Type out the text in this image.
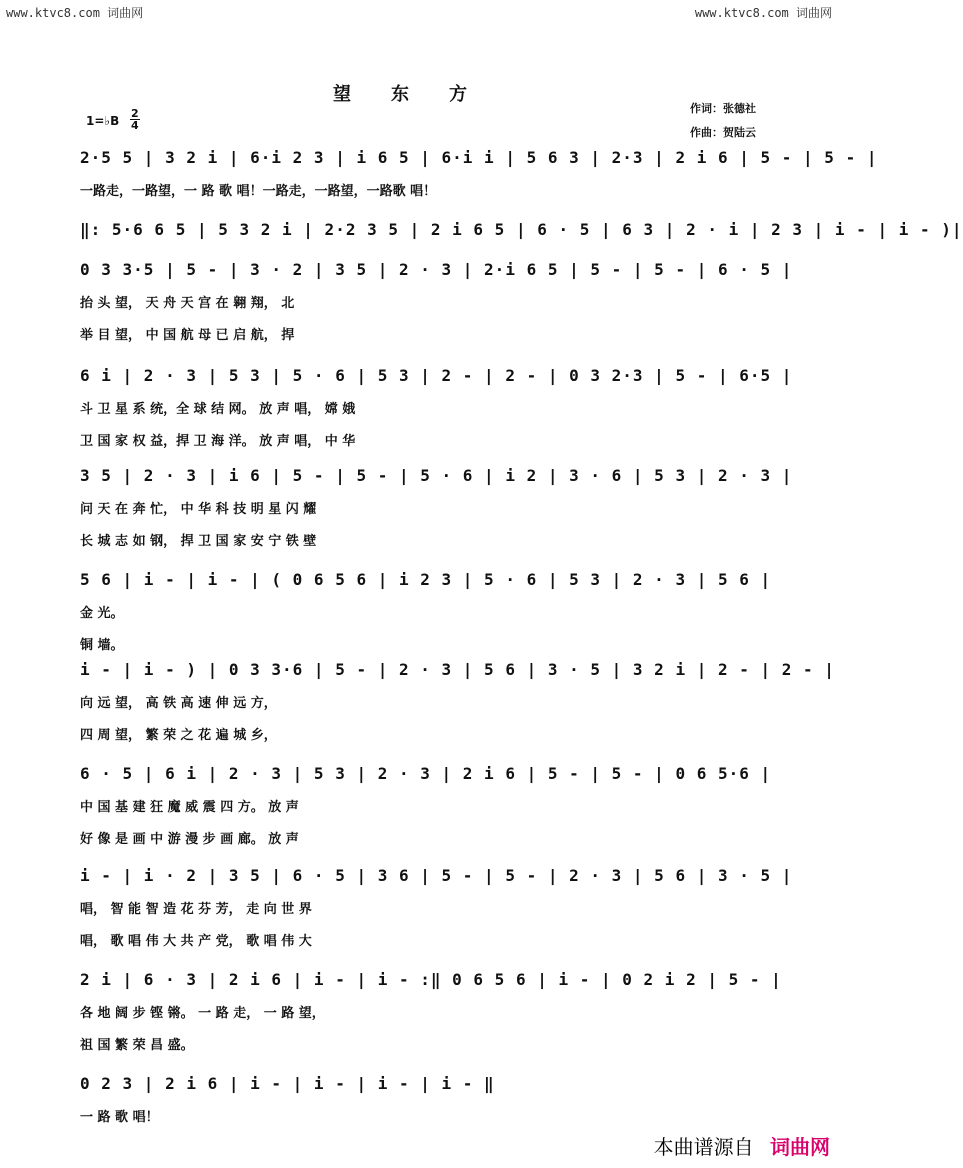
www.ktvc8.com 词曲网	www.ktvc8.com 词曲网
望东方
作词：张德社
作曲：贺陆云
1=♭B
2
4
2·5 5 | 3 2 i | 6·i 2 3 | i 6 5 | 6·i i | 5 6 3 | 2·3 | 2 i 6 | 5 - | 5 - |
一路走，一路望，一 路 歌 唱！一路走，一路望，一路歌 唱！
‖: 5·6 6 5 | 5 3 2 i | 2·2 3 5 | 2 i 6 5 | 6 · 5 | 6 3 | 2 · i | 2 3 | i - | i - )|
0 3 3·5 | 5 - | 3 · 2 | 3 5 | 2 · 3 | 2·i 6 5 | 5 - | 5 - | 6 · 5 |
抬 头 望， 天 舟 天 宫 在 翱 翔， 北
举 目 望， 中 国 航 母 已 启 航， 捍
6 i | 2 · 3 | 5 3 | 5 · 6 | 5 3 | 2 - | 2 - | 0 3 2·3 | 5 - | 6·5 |
斗 卫 星 系 统，全 球 结 网。 放 声 唱， 嫦 娥
卫 国 家 权 益，捍 卫 海 洋。 放 声 唱， 中 华
3 5 | 2 · 3 | i 6 | 5 - | 5 - | 5 · 6 | i 2 | 3 · 6 | 5 3 | 2 · 3 |
问 天 在 奔 忙， 中 华 科 技 明 星 闪 耀
长 城 志 如 钢， 捍 卫 国 家 安 宁 铁 壁
5 6 | i - | i - | ( 0 6 5 6 | i 2 3 | 5 · 6 | 5 3 | 2 · 3 | 5 6 |
金 光。
铜 墙。
i - | i - ) | 0 3 3·6 | 5 - | 2 · 3 | 5 6 | 3 · 5 | 3 2 i | 2 - | 2 - |
向 远 望， 高 铁 高 速 伸 远 方，
四 周 望， 繁 荣 之 花 遍 城 乡，
6 · 5 | 6 i | 2 · 3 | 5 3 | 2 · 3 | 2 i 6 | 5 - | 5 - | 0 6 5·6 |
中 国 基 建 狂 魔 威 震 四 方。 放 声
好 像 是 画 中 游 漫 步 画 廊。 放 声
i - | i · 2 | 3 5 | 6 · 5 | 3 6 | 5 - | 5 - | 2 · 3 | 5 6 | 3 · 5 |
唱， 智 能 智 造 花 芬 芳， 走 向 世 界
唱， 歌 唱 伟 大 共 产 党， 歌 唱 伟 大
2 i | 6 · 3 | 2 i 6 | i - | i - :‖ 0 6 5 6 | i - | 0 2 i 2 | 5 - |
各 地 阔 步 铿 锵。 一 路 走， 一 路 望，
祖 国 繁 荣 昌 盛。
0 2 3 | 2 i 6 | i - | i - | i - | i - ‖
一 路 歌 唱！
本曲谱源自 词曲网
